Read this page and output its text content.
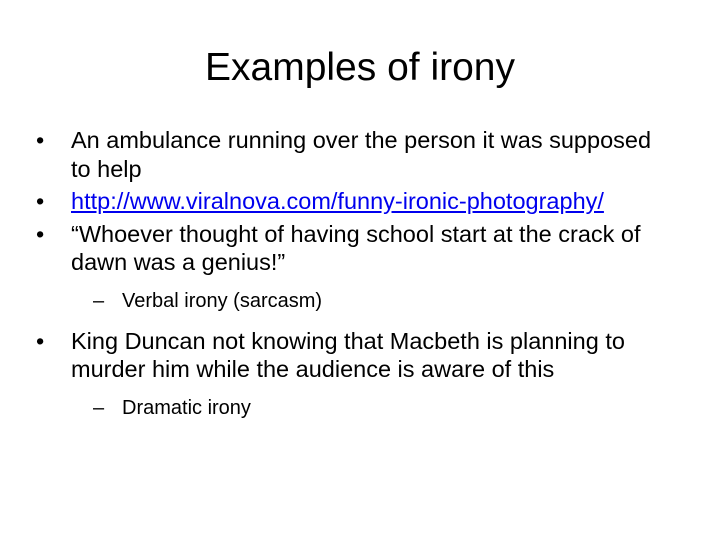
Examples of irony
•	An ambulance running over the person it was supposed to help
•	http://www.viralnova.com/funny-ironic-photography/
•	“Whoever thought of having school start at the crack of dawn was a genius!”
– Verbal irony (sarcasm)
•	King Duncan not knowing that Macbeth is planning to murder him while the audience is aware of this
– Dramatic irony
